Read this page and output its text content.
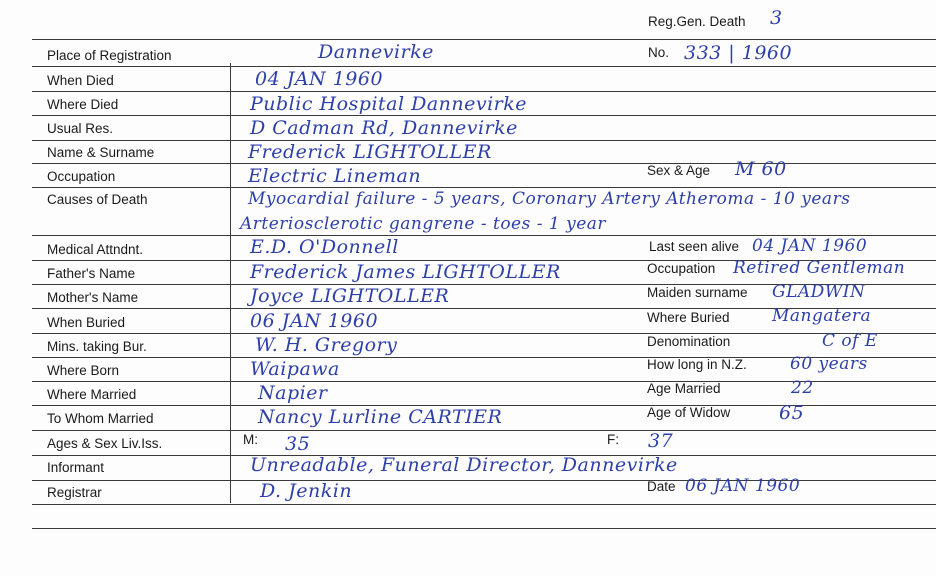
Reg.Gen. Death 3
No. 333 | 1960
Place of Registration
When Died
Where Died
Usual Res.
Name & Surname
Occupation
Causes of Death
Medical Attndnt.
Father's Name
Mother's Name
When Buried
Mins. taking Bur.
Where Born
Where Married
To Whom Married
Ages & Sex Liv.Iss.
Informant
Registrar
Dannevirke
04 JAN 1960
Public Hospital Dannevirke
D Cadman Rd, Dannevirke
Frederick LIGHTOLLER
Electric Lineman
Myocardial failure - 5 years, Coronary Artery Atheroma - 10 years
Arteriosclerotic gangrene - toes - 1 year
E.D. O'Donnell
Frederick James LIGHTOLLER
Joyce LIGHTOLLER
06 JAN 1960
W. H. Gregory
Waipawa
Napier
Nancy Lurline CARTIER
M: 35	F: 37
Unreadable, Funeral Director, Dannevirke
D. Jenkin
Sex & Age
Last seen alive
Occupation
Maiden surname
Where Buried
Denomination
How long in N.Z.
Age Married
Age of Widow
Date
M 60
04 JAN 1960
Retired Gentleman
GLADWIN
Mangatera
C of E
60 years
22
65
06 JAN 1960
